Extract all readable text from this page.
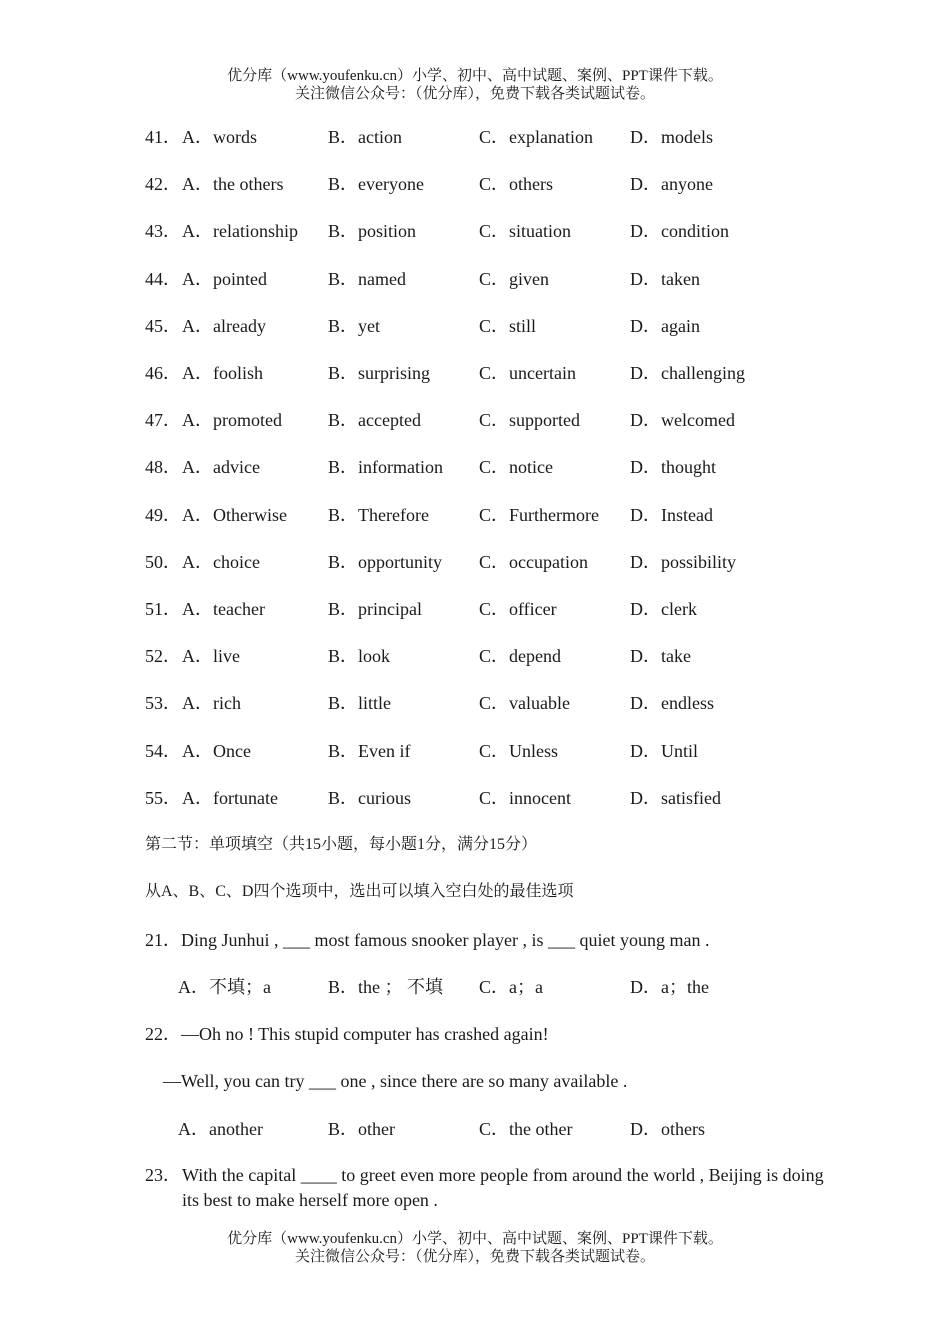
优分库（www.youfenku.cn）小学、初中、高中试题、案例、PPT课件下载。
关注微信公众号：（优分库），免费下载各类试题试卷。
41． A．words	B．action	C．explanation D．models
42． A．the others B．everyone	C．others	D．anyone
43． A．relationship B．position	C．situation	D．condition
44． A．pointed	B．named	C．given	D．taken
45． A．already	B．yet	C．still	D．again
46． A．foolish	B．surprising	C．uncertain	D．challenging
47． A．promoted	B．accepted	C．supported	D．welcomed
48． A．advice	B．information C．notice	D．thought
49． A．Otherwise B．Therefore	C．Furthermore D．Instead
50． A．choice	B．opportunity C．occupation D．possibility
51． A．teacher	B．principal	C．officer	D．clerk
52． A．live	B．look	C．depend	D．take
53． A．rich	B．little	C．valuable	D．endless
54． A．Once	B．Even if	C．Unless	D．Until
55． A．fortunate	B．curious	C．innocent	D．satisfied
第二节：单项填空（共15小题，每小题1分，满分15分）
从A、B、C、D四个选项中，选出可以填入空白处的最佳选项
21．Ding Junhui , ___ most famous snooker player , is ___ quiet young man .
A．不填；a	B．the ； 不填 C．a；a	D．a；the
22．—Oh no ! This stupid computer has crashed again!
—Well, you can try ___ one , since there are so many available .
A．another	B．other	C．the other	D．others
23． With the capital ____ to greet even more people from around the world , Beijing is doing its best to make herself more open .
优分库（www.youfenku.cn）小学、初中、高中试题、案例、PPT课件下载。
关注微信公众号：（优分库），免费下载各类试题试卷。
